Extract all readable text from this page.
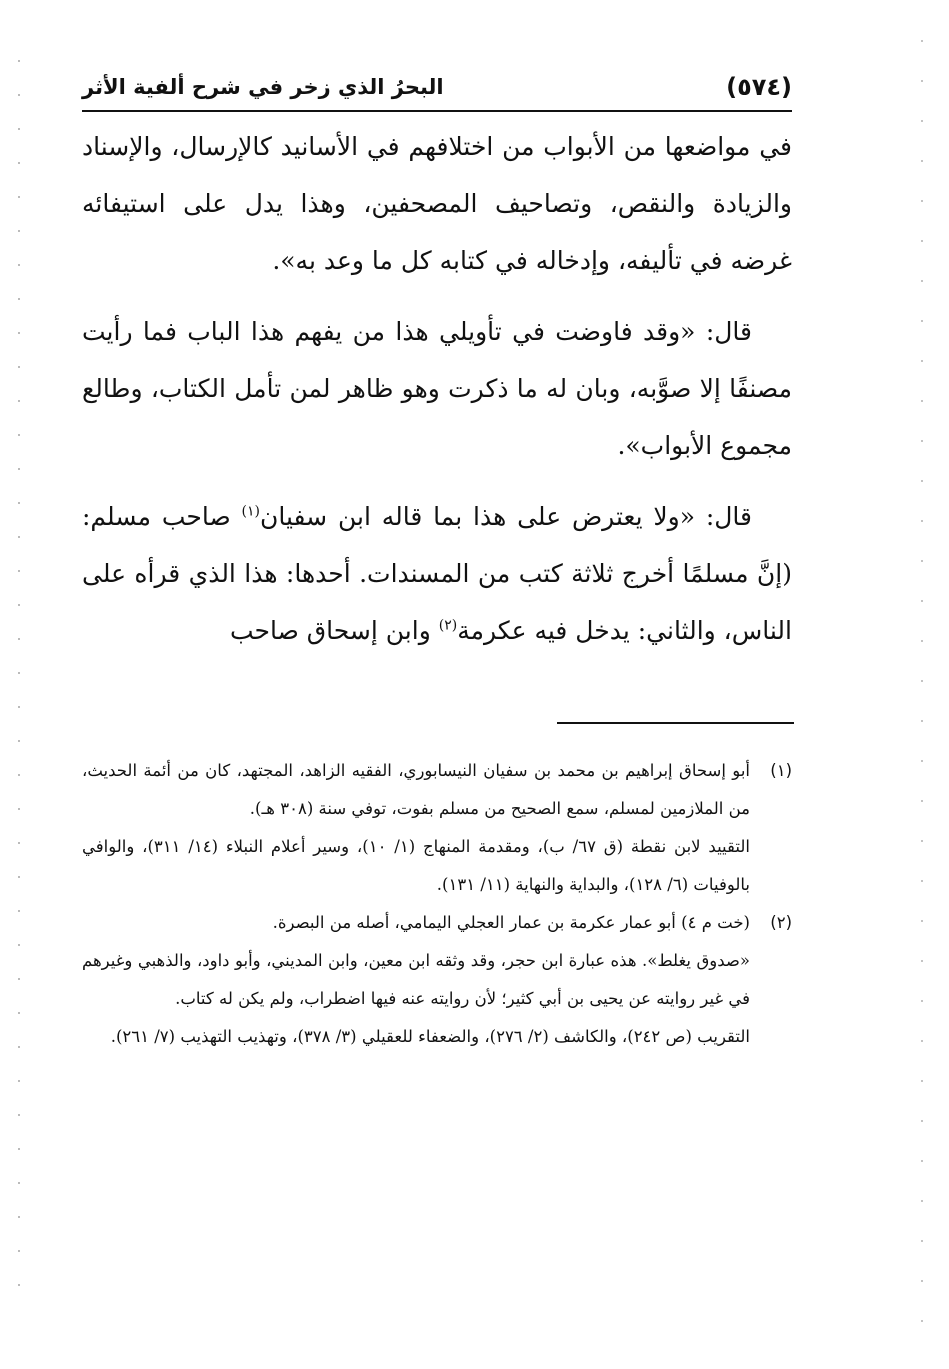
(٥٧٤)
البحرُ الذي زخر في شرح ألفية الأثر

في مواضعها من الأبواب من اختلافهم في الأسانيد كالإرسال، والإسناد والزيادة والنقص، وتصاحيف المصحفين، وهذا يدل على استيفائه غرضه في تأليفه، وإدخاله في كتابه كل ما وعد به».

قال: «وقد فاوضت في تأويلي هذا من يفهم هذا الباب فما رأيت مصنفًا إلا صوَّبه، وبان له ما ذكرت وهو ظاهر لمن تأمل الكتاب، وطالع مجموع الأبواب».

قال: «ولا يعترض على هذا بما قاله ابن سفيان$^{(١)}$ صاحب مسلم: (إنَّ مسلمًا أخرج ثلاثة كتب من المسندات. أحدها: هذا الذي قرأه على الناس، والثاني: يدخل فيه عكرمة$^{(٢)}$ وابن إسحاق صاحب

(١)
أبو إسحاق إبراهيم بن محمد بن سفيان النيسابوري، الفقيه الزاهد، المجتهد، كان من أئمة الحديث، من الملازمين لمسلم، سمع الصحيح من مسلم بفوت، توفي سنة (٣٠٨ هـ).

التقييد لابن نقطة (ق ٦٧/ ب)، ومقدمة المنهاج (١/ ١٠)، وسير أعلام النبلاء (١٤/ ٣١١)، والوافي بالوفيات (٦/ ١٢٨)، والبداية والنهاية (١١/ ١٣١).

(٢)
(خت م ٤) أبو عمار عكرمة بن عمار العجلي اليمامي، أصله من البصرة.

«صدوق يغلط». هذه عبارة ابن حجر، وقد وثقه ابن معين، وابن المديني، وأبو داود، والذهبي وغيرهم في غير روايته عن يحيى بن أبي كثير؛ لأن روايته عنه فيها اضطراب، ولم يكن له كتاب.

التقريب (ص ٢٤٢)، والكاشف (٢/ ٢٧٦)، والضعفاء للعقيلي (٣/ ٣٧٨)، وتهذيب التهذيب (٧/ ٢٦١).
